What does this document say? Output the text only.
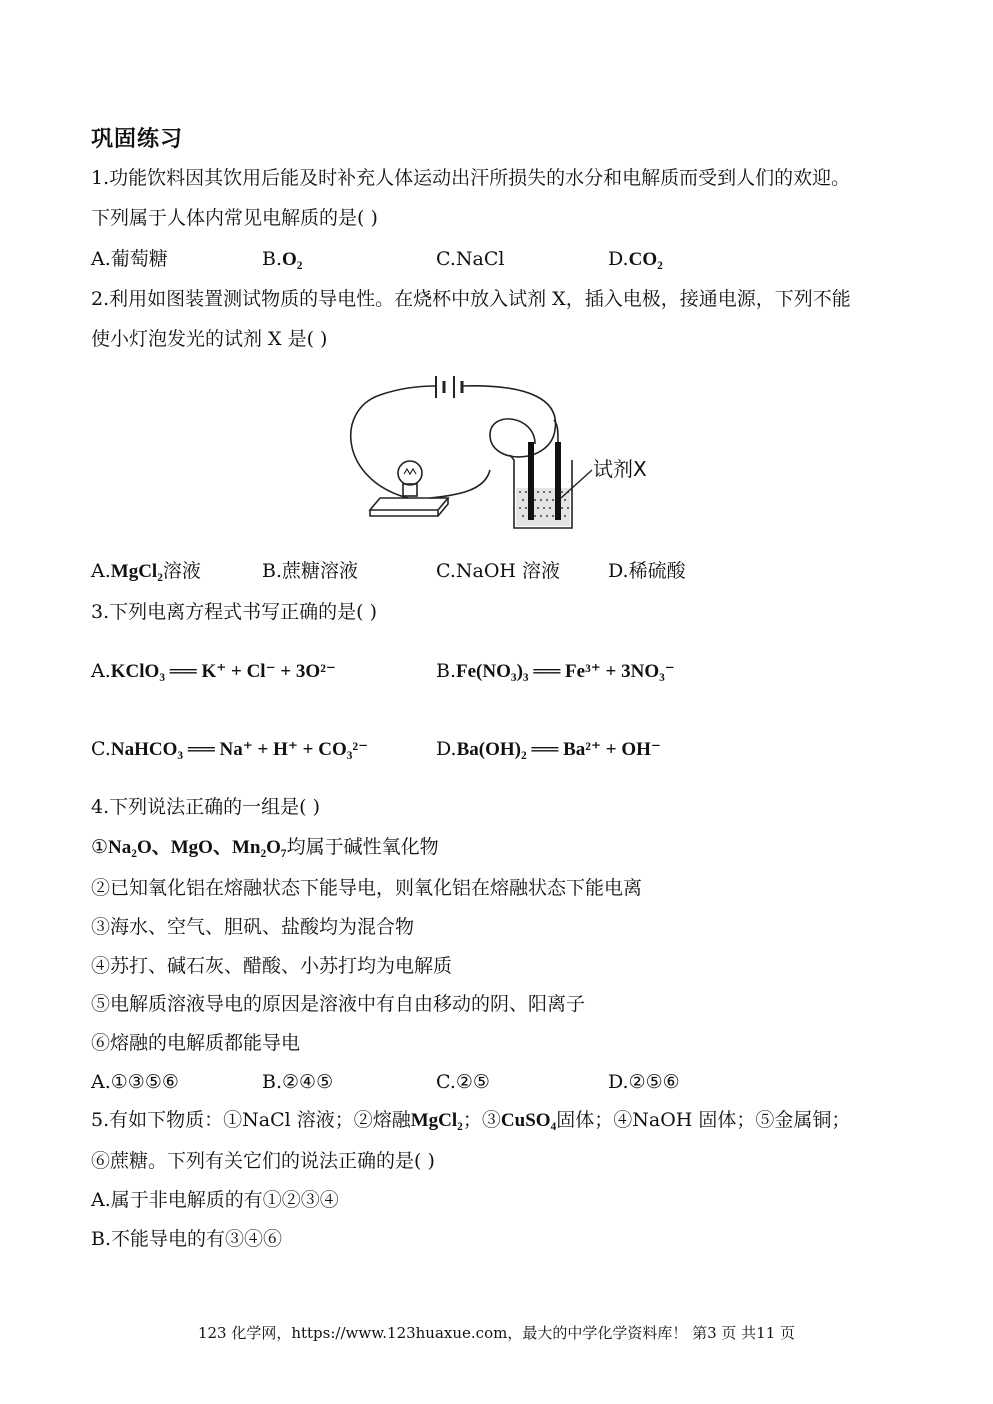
巩固练习
1.功能饮料因其饮用后能及时补充人体运动出汗所损失的水分和电解质而受到人们的欢迎。
下列属于人体内常见电解质的是( )
A.葡萄糖	B.O₂	C.NaCl	D.CO₂
2.利用如图装置测试物质的导电性。在烧杯中放入试剂 X，插入电极，接通电源，下列不能
使小灯泡发光的试剂 X 是( )
试剂X
A.MgCl₂溶液	B.蔗糖溶液	C.NaOH 溶液	D.稀硫酸
3.下列电离方程式书写正确的是( )
A.KClO₃ ══ K⁺ + Cl⁻ + 3O²⁻	B.Fe(NO₃)₃ ══ Fe³⁺ + 3NO₃⁻
C.NaHCO₃ ══ Na⁺ + H⁺ + CO₃²⁻	D.Ba(OH)₂ ══ Ba²⁺ + OH⁻
4.下列说法正确的一组是( )
①Na₂O、MgO、Mn₂O₇均属于碱性氧化物
②已知氧化铝在熔融状态下能导电，则氧化铝在熔融状态下能电离
③海水、空气、胆矾、盐酸均为混合物
④苏打、碱石灰、醋酸、小苏打均为电解质
⑤电解质溶液导电的原因是溶液中有自由移动的阴、阳离子
⑥熔融的电解质都能导电
A.①③⑤⑥	B.②④⑤	C.②⑤	D.②⑤⑥
5.有如下物质：①NaCl 溶液；②熔融MgCl₂；③CuSO₄固体；④NaOH 固体；⑤金属铜；
⑥蔗糖。下列有关它们的说法正确的是( )
A.属于非电解质的有①②③④
B.不能导电的有③④⑥
123 化学网，https://www.123huaxue.com，最大的中学化学资料库！ 第3 页 共11 页
